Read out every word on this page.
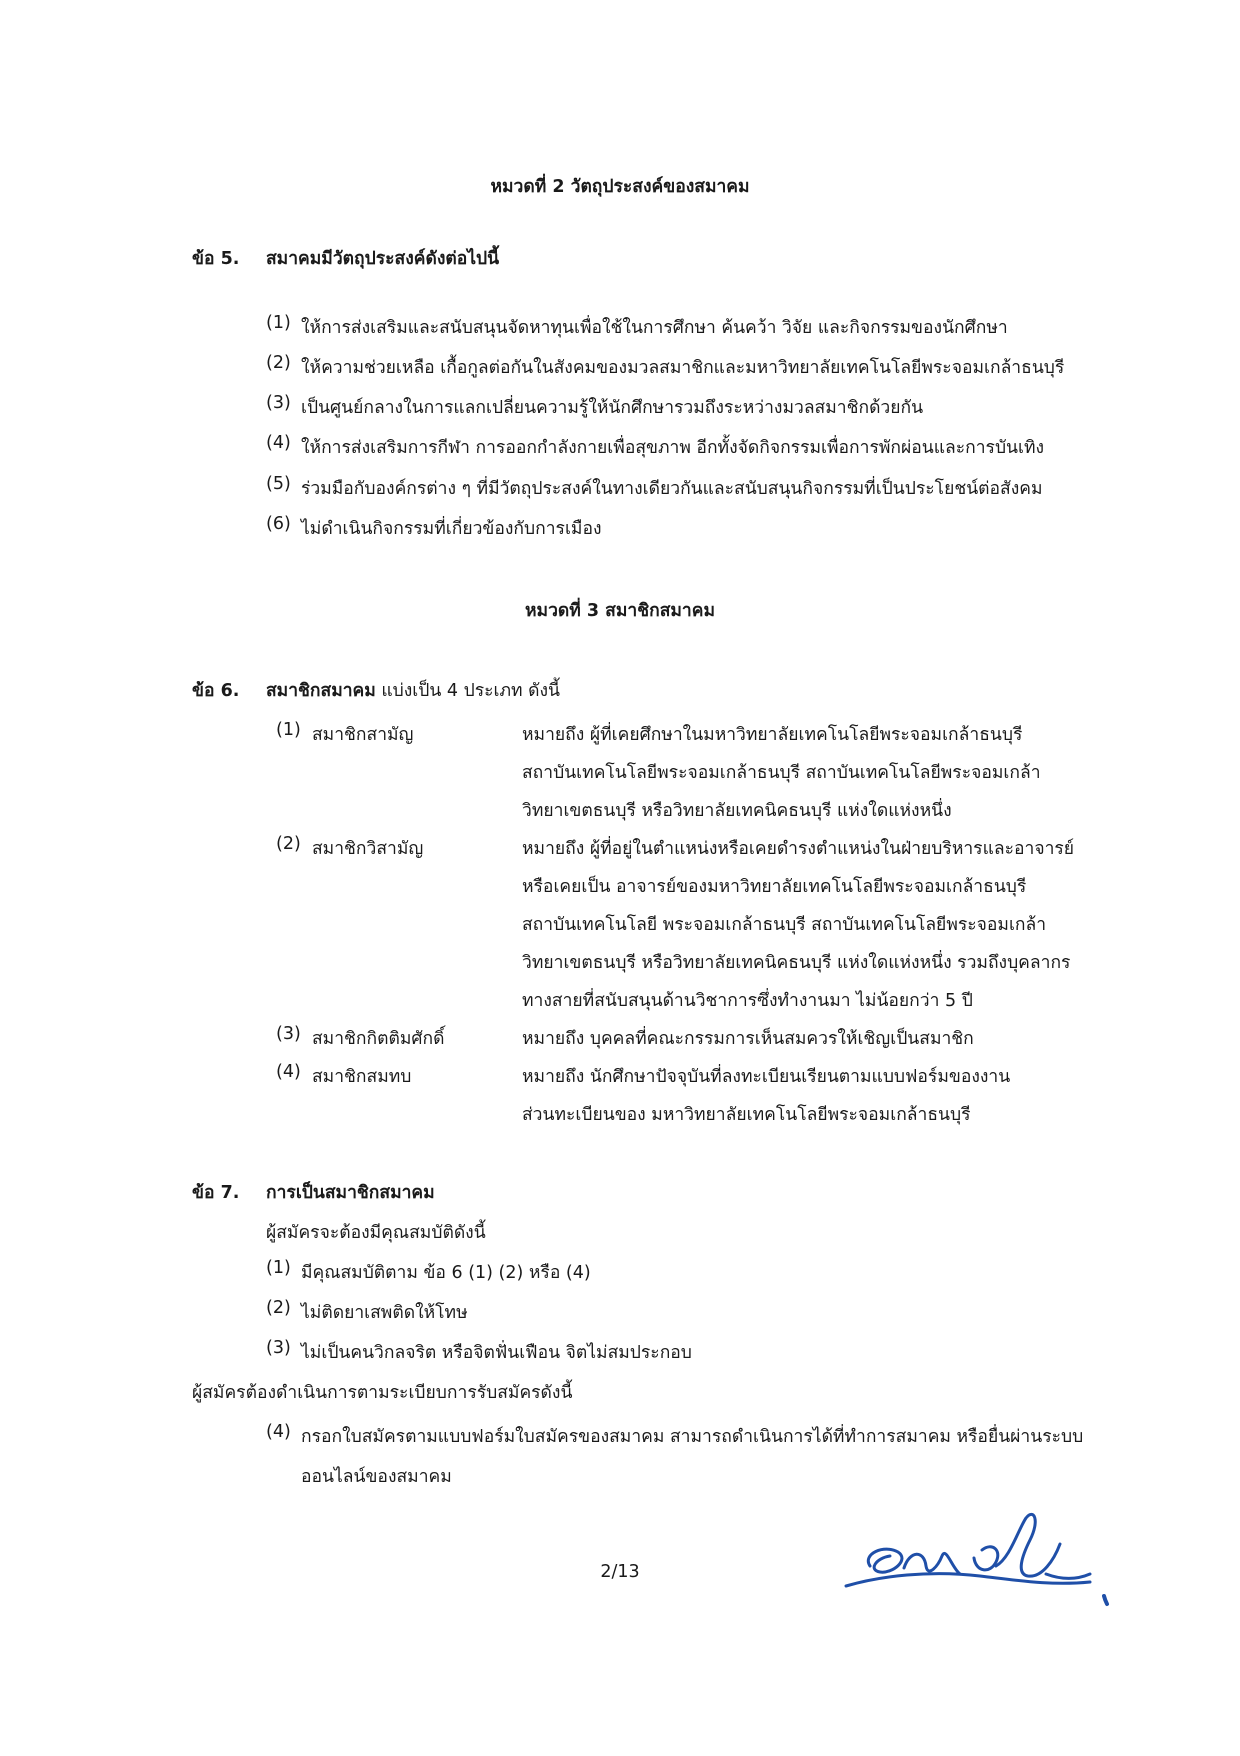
หมวดที่ 2 วัตถุประสงค์ของสมาคม
ข้อ 5. สมาคมมีวัตถุประสงค์ดังต่อไปนี้
(1) ให้การส่งเสริมและสนับสนุนจัดหาทุนเพื่อใช้ในการศึกษา ค้นคว้า วิจัย และกิจกรรมของนักศึกษา
(2) ให้ความช่วยเหลือ เกื้อกูลต่อกันในสังคมของมวลสมาชิกและมหาวิทยาลัยเทคโนโลยีพระจอมเกล้าธนบุรี
(3) เป็นศูนย์กลางในการแลกเปลี่ยนความรู้ให้นักศึกษารวมถึงระหว่างมวลสมาชิกด้วยกัน
(4) ให้การส่งเสริมการกีฬา การออกกำลังกายเพื่อสุขภาพ อีกทั้งจัดกิจกรรมเพื่อการพักผ่อนและการบันเทิง
(5) ร่วมมือกับองค์กรต่าง ๆ ที่มีวัตถุประสงค์ในทางเดียวกันและสนับสนุนกิจกรรมที่เป็นประโยชน์ต่อสังคม
(6) ไม่ดำเนินกิจกรรมที่เกี่ยวข้องกับการเมือง
หมวดที่ 3 สมาชิกสมาคม
ข้อ 6. สมาชิกสมาคม แบ่งเป็น 4 ประเภท ดังนี้
(1) สมาชิกสามัญ	หมายถึง ผู้ที่เคยศึกษาในมหาวิทยาลัยเทคโนโลยีพระจอมเกล้าธนบุรี
สถาบันเทคโนโลยีพระจอมเกล้าธนบุรี สถาบันเทคโนโลยีพระจอมเกล้า
วิทยาเขตธนบุรี หรือวิทยาลัยเทคนิคธนบุรี แห่งใดแห่งหนึ่ง
(2) สมาชิกวิสามัญ	หมายถึง ผู้ที่อยู่ในตำแหน่งหรือเคยดำรงตำแหน่งในฝ่ายบริหารและอาจารย์
หรือเคยเป็น อาจารย์ของมหาวิทยาลัยเทคโนโลยีพระจอมเกล้าธนบุรี
สถาบันเทคโนโลยี พระจอมเกล้าธนบุรี สถาบันเทคโนโลยีพระจอมเกล้า
วิทยาเขตธนบุรี หรือวิทยาลัยเทคนิคธนบุรี แห่งใดแห่งหนึ่ง รวมถึงบุคลากร
ทางสายที่สนับสนุนด้านวิชาการซึ่งทำงานมา ไม่น้อยกว่า 5 ปี
(3) สมาชิกกิตติมศักดิ์	หมายถึง บุคคลที่คณะกรรมการเห็นสมควรให้เชิญเป็นสมาชิก
(4) สมาชิกสมทบ	หมายถึง นักศึกษาปัจจุบันที่ลงทะเบียนเรียนตามแบบฟอร์มของงาน
ส่วนทะเบียนของ มหาวิทยาลัยเทคโนโลยีพระจอมเกล้าธนบุรี
ข้อ 7. การเป็นสมาชิกสมาคม
ผู้สมัครจะต้องมีคุณสมบัติดังนี้
(1) มีคุณสมบัติตาม ข้อ 6 (1) (2) หรือ (4)
(2) ไม่ติดยาเสพติดให้โทษ
(3) ไม่เป็นคนวิกลจริต หรือจิตฟั่นเฟือน จิตไม่สมประกอบ
ผู้สมัครต้องดำเนินการตามระเบียบการรับสมัครดังนี้
(4) กรอกใบสมัครตามแบบฟอร์มใบสมัครของสมาคม สามารถดำเนินการได้ที่ทำการสมาคม หรือยื่นผ่านระบบ
ออนไลน์ของสมาคม
2/13
